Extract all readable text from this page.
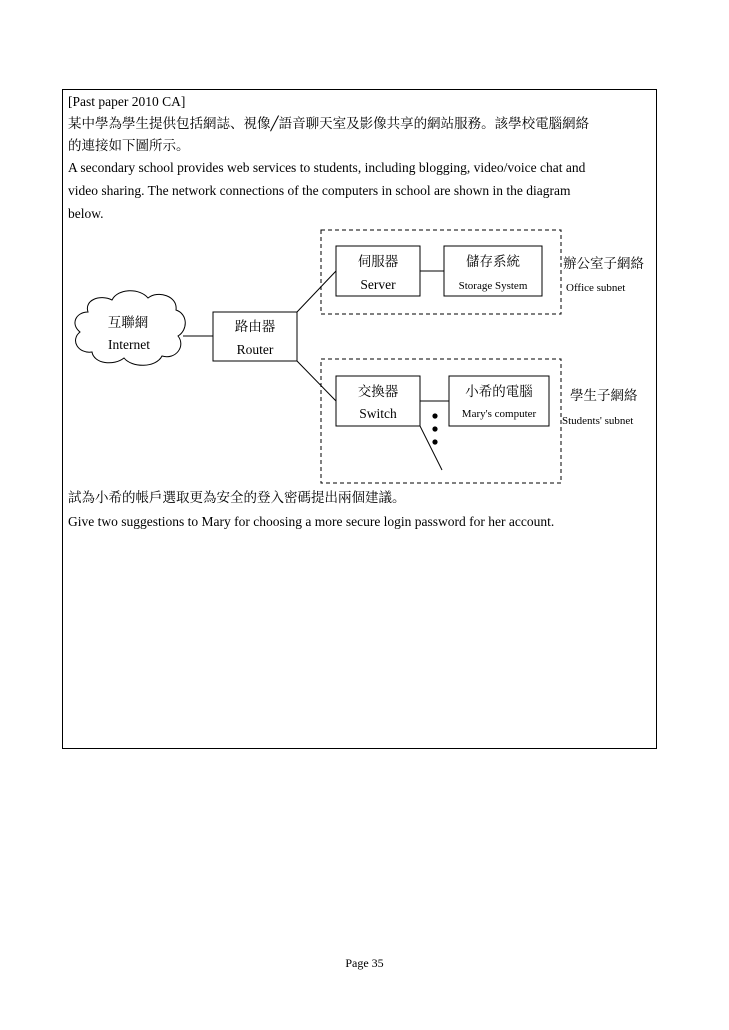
[Past paper 2010 CA]
某中學為學生提供包括網誌、視像╱語音聊天室及影像共享的網站服務。該學校電腦網絡
的連接如下圖所示。
A secondary school provides web services to students, including blogging, video/voice chat and
video sharing. The network connections of the computers in school are shown in the diagram
below.
互聯網
Internet
路由器
Router
伺服器
Server
儲存系統
Storage System
辦公室子網絡
Office subnet
交換器
Switch
小希的電腦
Mary's computer
學生子網絡
Students' subnet
試為小希的帳戶選取更為安全的登入密碼提出兩個建議。
Give two suggestions to Mary for choosing a more secure login password for her account.
Page 35
